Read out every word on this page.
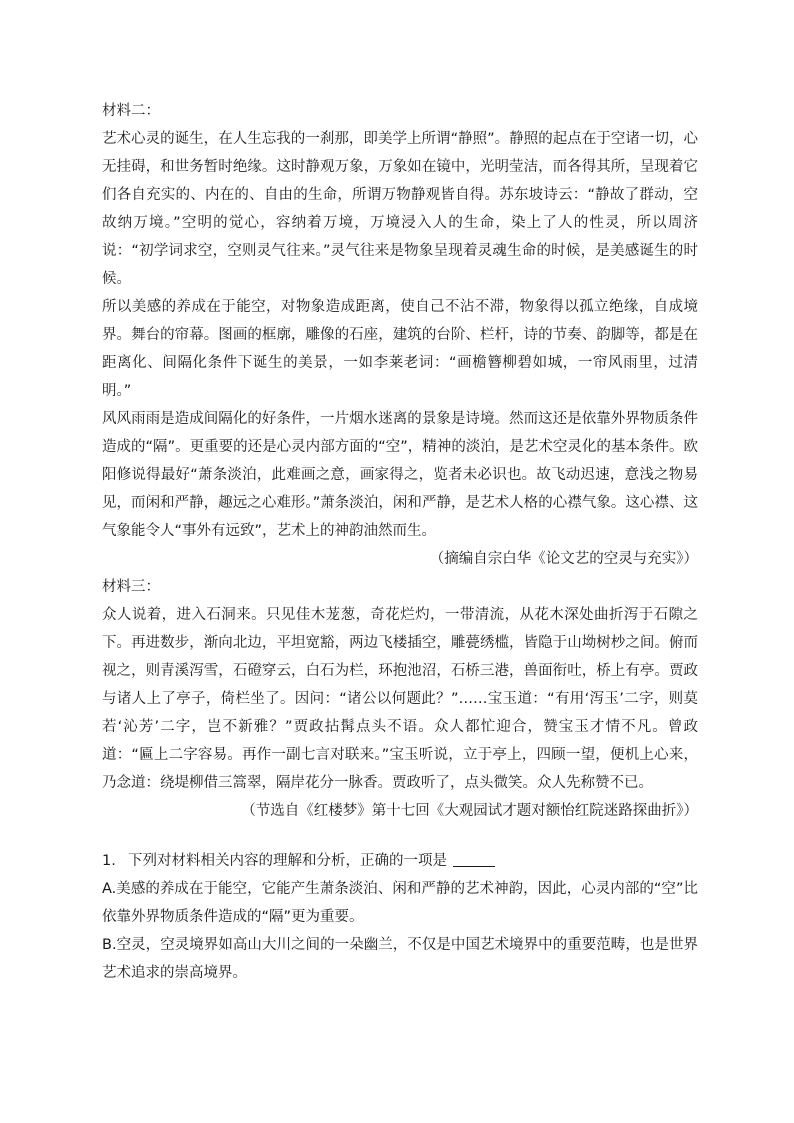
材料二：
艺术心灵的诞生，在人生忘我的一刹那，即美学上所谓“静照”。静照的起点在于空诸一切，心无挂碍，和世务暂时绝缘。这时静观万象，万象如在镜中，光明莹洁，而各得其所，呈现着它们各自充实的、内在的、自由的生命，所谓万物静观皆自得。苏东坡诗云：“静故了群动，空故纳万境。”空明的觉心，容纳着万境，万境浸入人的生命，染上了人的性灵，所以周济说：“初学词求空，空则灵气往来。”灵气往来是物象呈现着灵魂生命的时候，是美感诞生的时候。
所以美感的养成在于能空，对物象造成距离，使自己不沾不滞，物象得以孤立绝缘，自成境界。舞台的帘幕。图画的框廓，雕像的石座，建筑的台阶、栏杆，诗的节奏、韵脚等，都是在距离化、间隔化条件下诞生的美景，一如李莱老词：“画檐簪柳碧如城，一帘风雨里，过清明。”
风风雨雨是造成间隔化的好条件，一片烟水迷离的景象是诗境。然而这还是依靠外界物质条件造成的“隔”。更重要的还是心灵内部方面的“空”，精神的淡泊，是艺术空灵化的基本条件。欧阳修说得最好“萧条淡泊，此难画之意，画家得之，览者未必识也。故飞动迟速，意浅之物易见，而闲和严静，趣远之心难形。”萧条淡泊，闲和严静，是艺术人格的心襟气象。这心襟、这气象能令人“事外有远致”，艺术上的神韵油然而生。
（摘编自宗白华《论文艺的空灵与充实》）
材料三：
众人说着，进入石洞来。只见佳木茏葱，奇花烂灼，一带清流，从花木深处曲折泻于石隙之下。再进数步，渐向北边，平坦宽豁，两边飞楼插空，雕甍绣槛，皆隐于山坳树杪之间。俯而视之，则青溪泻雪，石磴穿云，白石为栏，环抱池沼，石桥三港，兽面衔吐，桥上有亭。贾政与诸人上了亭子，倚栏坐了。因问：“诸公以何题此？”……宝玉道：“有用‘泻玉’二字，则莫若‘沁芳’二字，岂不新雅？”贾政拈髯点头不语。众人都忙迎合，赞宝玉才情不凡。曾政道：“匾上二字容易。再作一副七言对联来。”宝玉听说，立于亭上，四顾一望，便机上心来，乃念道：绕堤柳借三篙翠，隔岸花分一脉香。贾政听了，点头微笑。众人先称赞不已。
（节选自《红楼梦》第十七回《大观园试才题对额怡红院迷路探曲折》）
1. 下列对材料相关内容的理解和分析，正确的一项是
A.美感的养成在于能空，它能产生萧条淡泊、闲和严静的艺术神韵，因此，心灵内部的“空”比依靠外界物质条件造成的“隔”更为重要。
B.空灵，空灵境界如高山大川之间的一朵幽兰，不仅是中国艺术境界中的重要范畴，也是世界艺术追求的崇高境界。
